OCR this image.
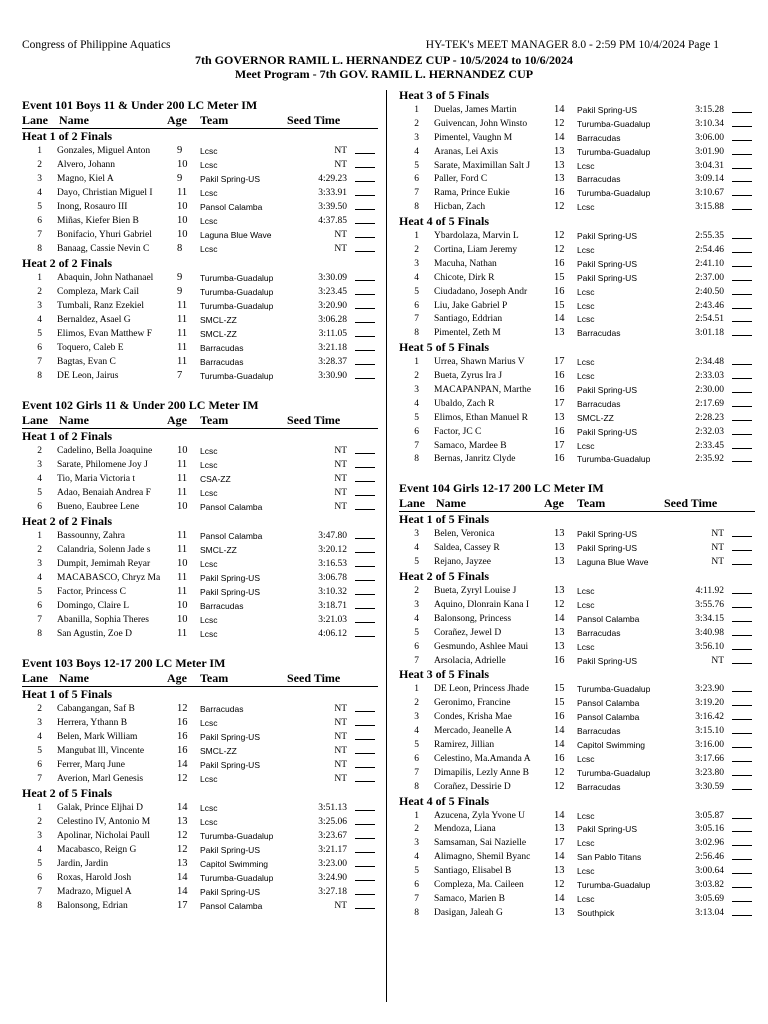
Congress of Philippine Aquatics	HY-TEK's MEET MANAGER 8.0 - 2:59 PM 10/4/2024 Page 1
7th GOVERNOR RAMIL L. HERNANDEZ CUP - 10/5/2024 to 10/6/2024
Meet Program - 7th GOV. RAMIL L. HERNANDEZ CUP
Event 101 Boys 11 & Under 200 LC Meter IM
Lane Name	Age Team	Seed Time
Heat 1 of 2 Finals
1 Gonzales, Miguel Anton	9 Lcsc	NT
2 Alvero, Johann	10 Lcsc	NT
3 Magno, Kiel A	9 Pakil Spring-US	4:29.23
4 Dayo, Christian Miguel I	11 Lcsc	3:33.91
5 Inong, Rosauro III	10 Pansol Calamba	3:39.50
6 Miñas, Kiefer Bien B	10 Lcsc	4:37.85
7 Bonifacio, Yhuri Gabriel	10 Laguna Blue Wave	NT
8 Banaag, Cassie Nevin C	8 Lcsc	NT
Heat 2 of 2 Finals
1 Abaquin, John Nathanael	9 Turumba-Guadalup	3:30.09
2 Compleza, Mark Cail	9 Turumba-Guadalup	3:23.45
3 Tumbali, Ranz Ezekiel	11 Turumba-Guadalup	3:20.90
4 Bernaldez, Asael G	11 SMCL-ZZ	3:06.28
5 Elimos, Evan Matthew F	11 SMCL-ZZ	3:11.05
6 Toquero, Caleb E	11 Barracudas	3:21.18
7 Bagtas, Evan C	11 Barracudas	3:28.37
8 DE Leon, Jairus	7 Turumba-Guadalup	3:30.90
Event 102 Girls 11 & Under 200 LC Meter IM
Lane Name	Age Team	Seed Time
Heat 1 of 2 Finals
2 Cadelino, Bella Joaquine	10 Lcsc	NT
3 Sarate, Philomene Joy J	11 Lcsc	NT
4 Tio, Maria Victoria t	11 CSA-ZZ	NT
5 Adao, Benaiah Andrea F	11 Lcsc	NT
6 Bueno, Eaubree Lene	10 Pansol Calamba	NT
Heat 2 of 2 Finals
1 Bassounny, Zahra	11 Pansol Calamba	3:47.80
2 Calandria, Solenn Jade s	11 SMCL-ZZ	3:20.12
3 Dumpit, Jemimah Reyar	10 Lcsc	3:16.53
4 MACABASCO, Chryz Ma	11 Pakil Spring-US	3:06.78
5 Factor, Princess C	11 Pakil Spring-US	3:10.32
6 Domingo, Claire L	10 Barracudas	3:18.71
7 Abanilla, Sophia Theres	10 Lcsc	3:21.03
8 San Agustin, Zoe D	11 Lcsc	4:06.12
Event 103 Boys 12-17 200 LC Meter IM
Lane Name	Age Team	Seed Time
Heat 1 of 5 Finals
2 Cabangangan, Saf B	12 Barracudas	NT
3 Herrera, Ythann B	16 Lcsc	NT
4 Belen, Mark William	16 Pakil Spring-US	NT
5 Mangubat lll, Vincente	16 SMCL-ZZ	NT
6 Ferrer, Marq June	14 Pakil Spring-US	NT
7 Averion, Marl Genesis	12 Lcsc	NT
Heat 2 of 5 Finals
1 Galak, Prince Eljhai D	14 Lcsc	3:51.13
2 Celestino IV, Antonio M	13 Lcsc	3:25.06
3 Apolinar, Nicholai Paull	12 Turumba-Guadalup	3:23.67
4 Macabasco, Reign G	12 Pakil Spring-US	3:21.17
5 Jardin, Jardin	13 Capitol Swimming	3:23.00
6 Roxas, Harold Josh	14 Turumba-Guadalup	3:24.90
7 Madrazo, Miguel A	14 Pakil Spring-US	3:27.18
8 Balonsong, Edrian	17 Pansol Calamba	NT
Heat 3 of 5 Finals
1 Duelas, James Martin	14 Pakil Spring-US	3:15.28
2 Guivencan, John Winsto	12 Turumba-Guadalup	3:10.34
3 Pimentel, Vaughn M	14 Barracudas	3:06.00
4 Aranas, Lei Axis	13 Turumba-Guadalup	3:01.90
5 Sarate, Maximillan Salt J	13 Lcsc	3:04.31
6 Paller, Ford C	13 Barracudas	3:09.14
7 Rama, Prince Eukie	16 Turumba-Guadalup	3:10.67
8 Hicban, Zach	12 Lcsc	3:15.88
Heat 4 of 5 Finals
1 Ybardolaza, Marvin L	12 Pakil Spring-US	2:55.35
2 Cortina, Liam Jeremy	12 Lcsc	2:54.46
3 Macuha, Nathan	16 Pakil Spring-US	2:41.10
4 Chicote, Dirk R	15 Pakil Spring-US	2:37.00
5 Ciudadano, Joseph Andr	16 Lcsc	2:40.50
6 Liu, Jake Gabriel P	15 Lcsc	2:43.46
7 Santiago, Eddrian	14 Lcsc	2:54.51
8 Pimentel, Zeth M	13 Barracudas	3:01.18
Heat 5 of 5 Finals
1 Urrea, Shawn Marius V	17 Lcsc	2:34.48
2 Bueta, Zyrus Ira J	16 Lcsc	2:33.03
3 MACAPANPAN, Marthe	16 Pakil Spring-US	2:30.00
4 Ubaldo, Zach R	17 Barracudas	2:17.69
5 Elimos, Ethan Manuel R	13 SMCL-ZZ	2:28.23
6 Factor, JC C	16 Pakil Spring-US	2:32.03
7 Samaco, Mardee B	17 Lcsc	2:33.45
8 Bernas, Janritz Clyde	16 Turumba-Guadalup	2:35.92
Event 104 Girls 12-17 200 LC Meter IM
Lane Name	Age Team	Seed Time
Heat 1 of 5 Finals
3 Belen, Veronica	13 Pakil Spring-US	NT
4 Saldea, Cassey R	13 Pakil Spring-US	NT
5 Rejano, Jayzee	13 Laguna Blue Wave	NT
Heat 2 of 5 Finals
2 Bueta, Zyryl Louise J	13 Lcsc	4:11.92
3 Aquino, Dlonrain Kana I	12 Lcsc	3:55.76
4 Balonsong, Princess	14 Pansol Calamba	3:34.15
5 Corañez, Jewel D	13 Barracudas	3:40.98
6 Gesmundo, Ashlee Maui	13 Lcsc	3:56.10
7 Arsolacia, Adrielle	16 Pakil Spring-US	NT
Heat 3 of 5 Finals
1 DE Leon, Princess Jhade	15 Turumba-Guadalup	3:23.90
2 Geronimo, Francine	15 Pansol Calamba	3:19.20
3 Condes, Krisha Mae	16 Pansol Calamba	3:16.42
4 Mercado, Jeanelle A	14 Barracudas	3:15.10
5 Ramirez, Jillian	14 Capitol Swimming	3:16.00
6 Celestino, Ma.Amanda A	16 Lcsc	3:17.66
7 Dimapilis, Lezly Anne B	12 Turumba-Guadalup	3:23.80
8 Corañez, Dessirie D	12 Barracudas	3:30.59
Heat 4 of 5 Finals
1 Azucena, Zyla Yvone U	14 Lcsc	3:05.87
2 Mendoza, Liana	13 Pakil Spring-US	3:05.16
3 Samsaman, Sai Nazielle	17 Lcsc	3:02.96
4 Alimagno, Shemil Byanc	14 San Pablo Titans	2:56.46
5 Santiago, Elisabel B	13 Lcsc	3:00.64
6 Compleza, Ma. Caileen	12 Turumba-Guadalup	3:03.82
7 Samaco, Marien B	14 Lcsc	3:05.69
8 Dasigan, Jaleah G	13 Southpick	3:13.04
